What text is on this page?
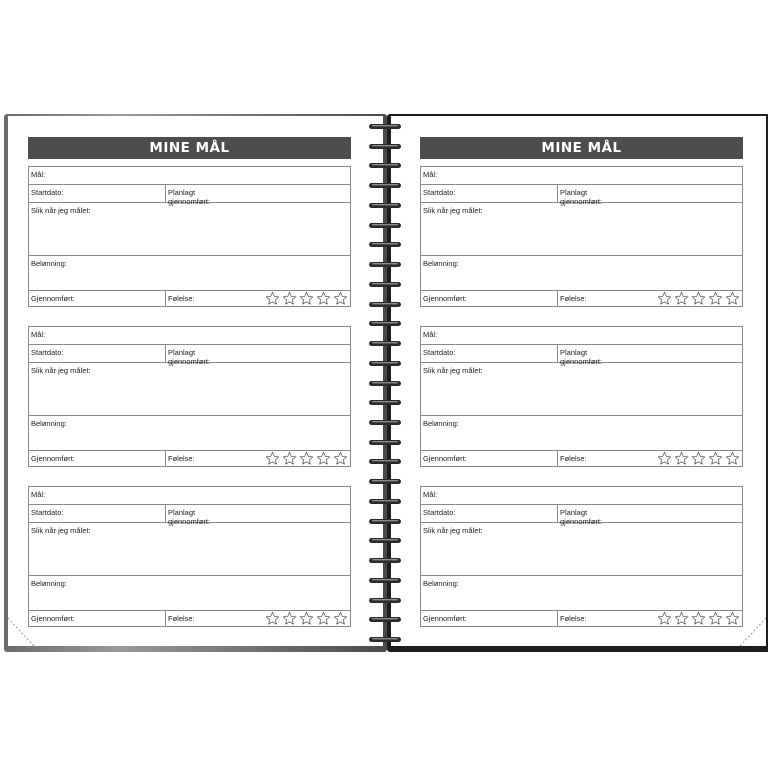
MINE MÅL
Mål:
Startdato:	Planlagt gjennomført:
Slik når jeg målet:
Belønning:
Gjennomført:	Følelse:
Mål:
Startdato:	Planlagt gjennomført:
Slik når jeg målet:
Belønning:
Gjennomført:	Følelse:
Mål:
Startdato:	Planlagt gjennomført:
Slik når jeg målet:
Belønning:
Gjennomført:	Følelse:
MINE MÅL
Mål:
Startdato:	Planlagt gjennomført:
Slik når jeg målet:
Belønning:
Gjennomført:	Følelse:
Mål:
Startdato:	Planlagt gjennomført:
Slik når jeg målet:
Belønning:
Gjennomført:	Følelse:
Mål:
Startdato:	Planlagt gjennomført:
Slik når jeg målet:
Belønning:
Gjennomført:	Følelse:
